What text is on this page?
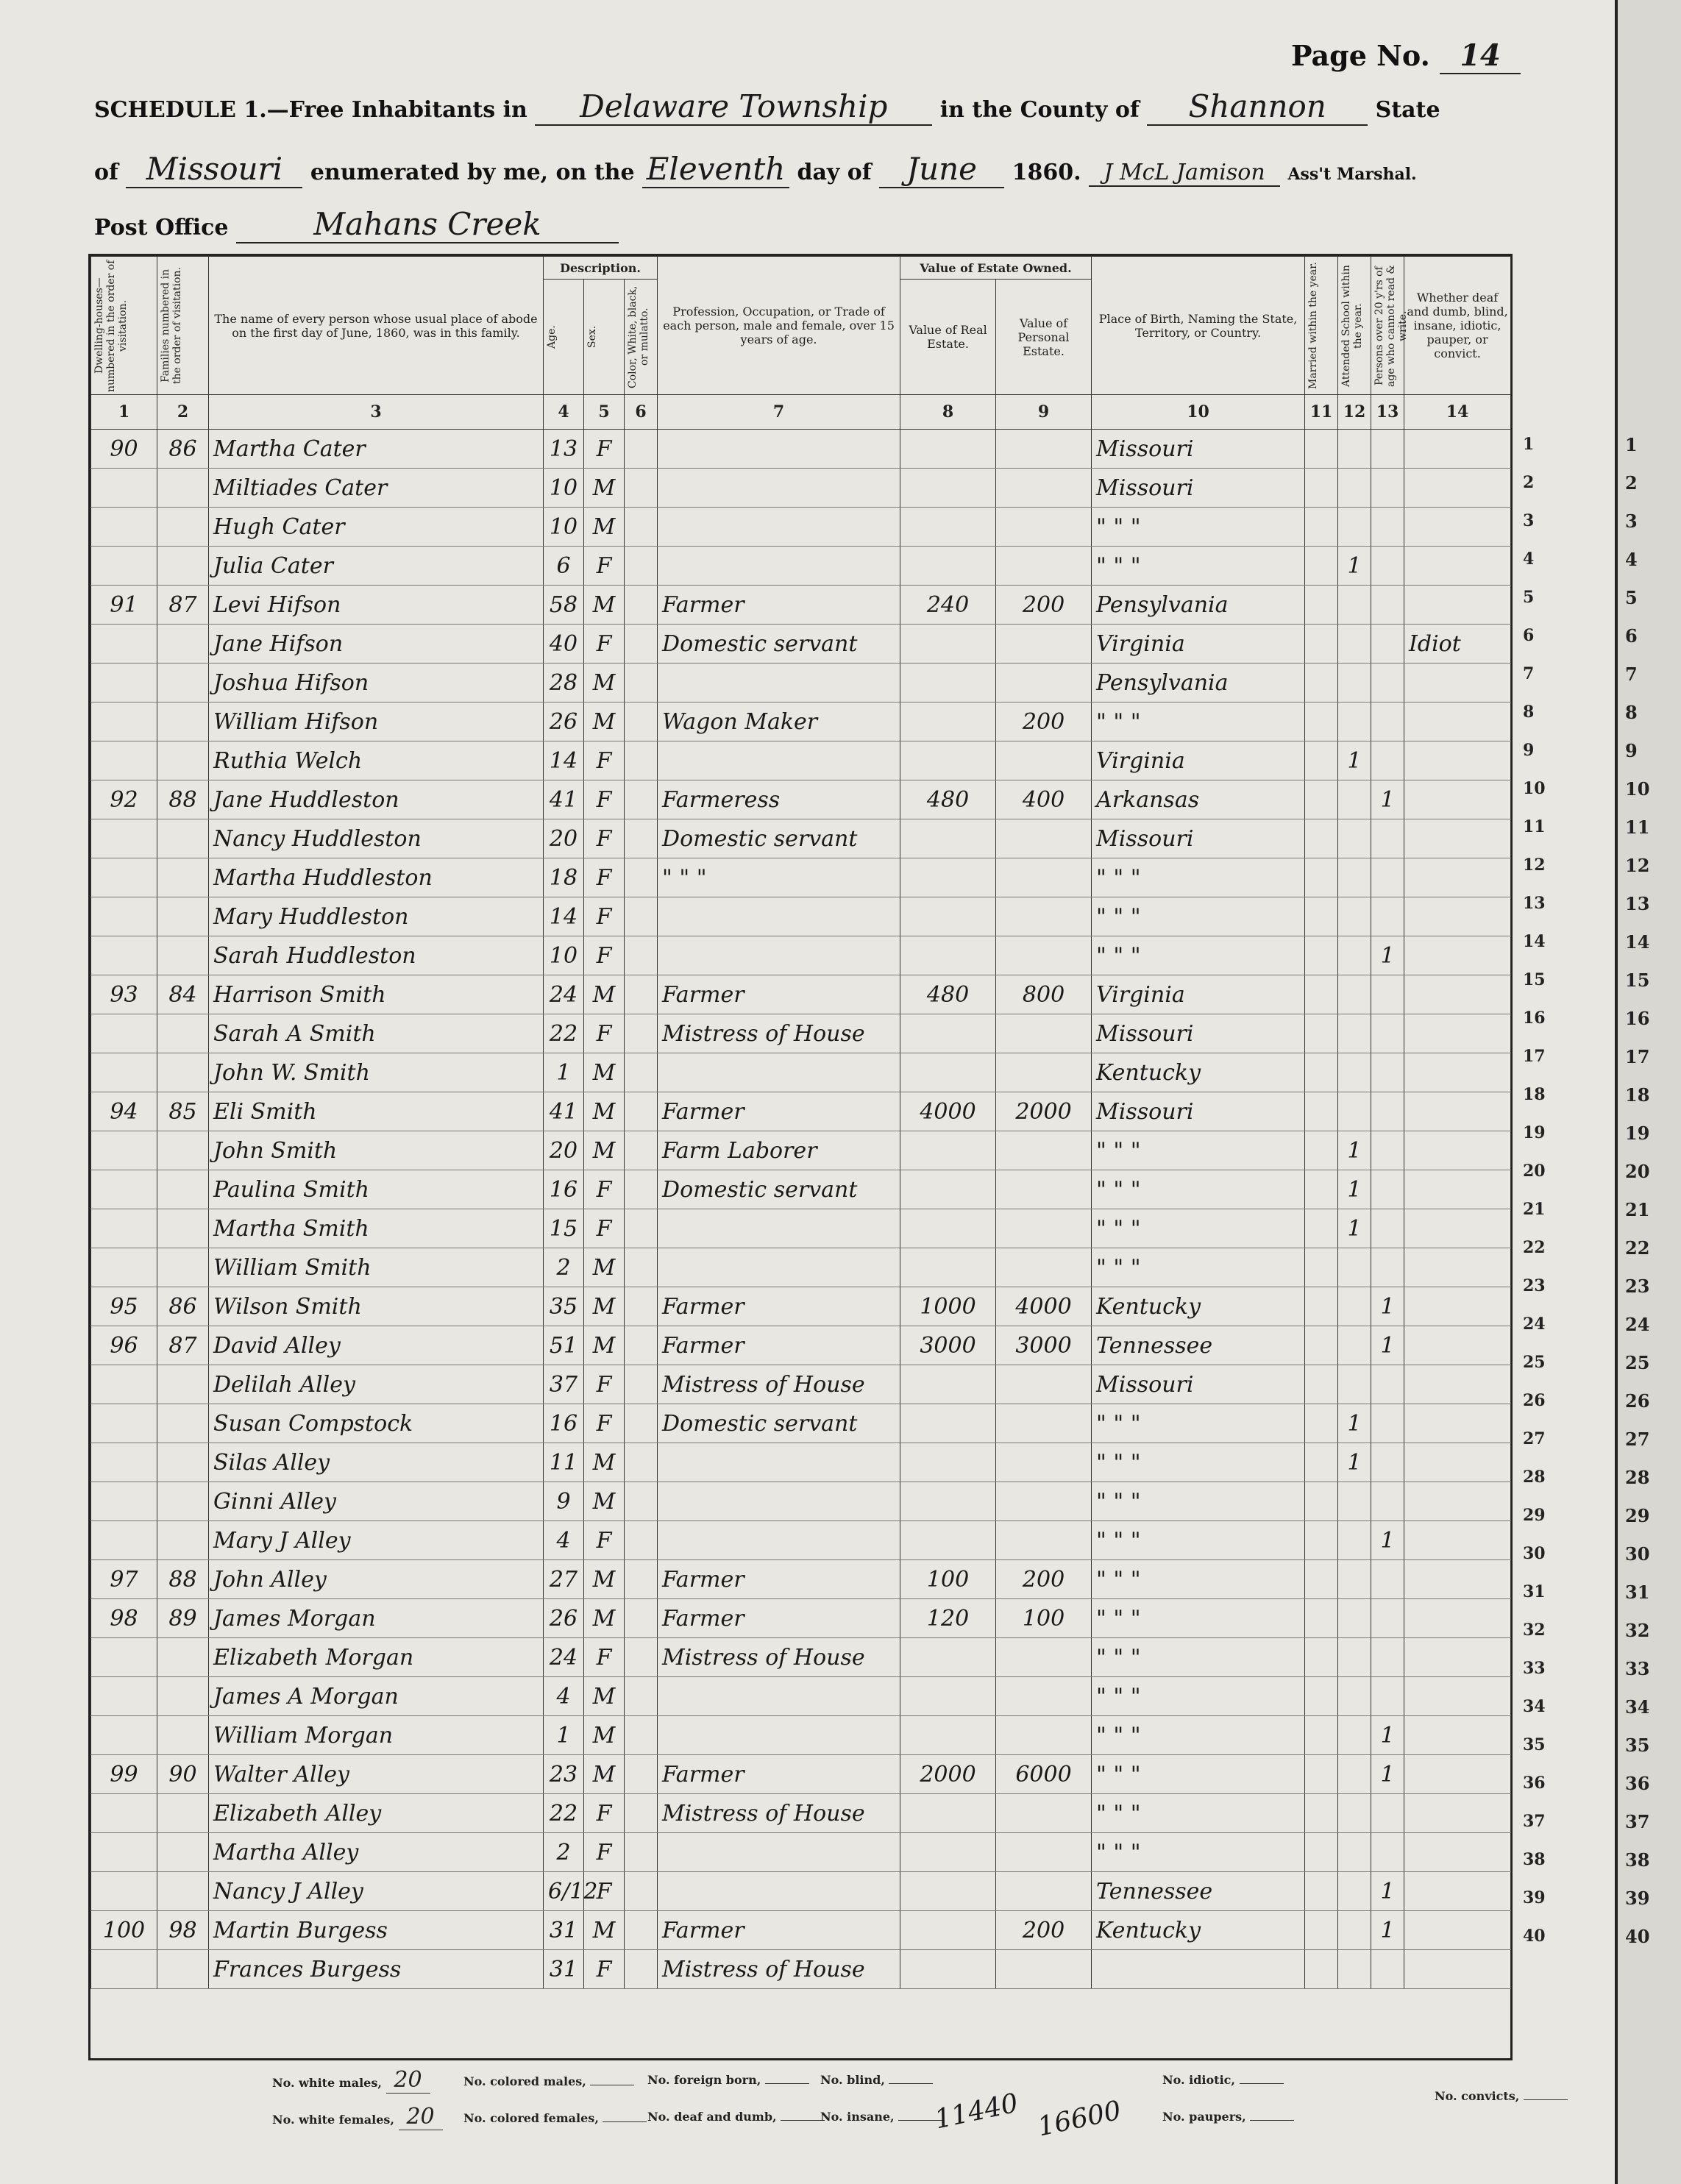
Page No. 14
SCHEDULE 1.—Free Inhabitants in Delaware Township in the County of Shannon State
of Missouri enumerated by me, on the Eleventh day of June 1860. J McL Jamison Ass't Marshal.
Post Office	Mahans Creek
Dwelling-houses— numbered in the order of visitation.	Families numbered in the order of visitation.	The name of every person whose usual place of abode on the first day of June, 1860, was in this family.	Description.			Profession, Occupation, or Trade of each person, male and female, over 15 years of age.	Value of Estate Owned.		Place of Birth, Naming the State, Territory, or Country.	Married within the year.	Attended School within the year.	Persons over 20 y'rs of age who cannot read & write.	Whether deaf and dumb, blind, insane, idiotic, pauper, or convict.

			Age.	Sex.	Color, White, black, or mulatto.		Value of Real Estate.	Value of Personal Estate.					
1	2	3	4	5	6	7	8	9	10	11	12	13	14
90	86	Martha Cater	13	F					Missouri				
		Miltiades Cater	10	M					Missouri				
		Hugh Cater	10	M					" " "				
		Julia Cater	6	F					" " "		1		
91	87	Levi Hifson	58	M		Farmer	240	200	Pensylvania				
		Jane Hifson	40	F		Domestic servant			Virginia				Idiot
		Joshua Hifson	28	M					Pensylvania				
		William Hifson	26	M		Wagon Maker		200	" " "				
		Ruthia Welch	14	F					Virginia		1		
92	88	Jane Huddleston	41	F		Farmeress	480	400	Arkansas			1	
		Nancy Huddleston	20	F		Domestic servant			Missouri				
		Martha Huddleston	18	F		" " "			" " "				
		Mary Huddleston	14	F					" " "				
		Sarah Huddleston	10	F					" " "			1	
93	84	Harrison Smith	24	M		Farmer	480	800	Virginia				
		Sarah A Smith	22	F		Mistress of House			Missouri				
		John W. Smith	1	M					Kentucky				
94	85	Eli Smith	41	M		Farmer	4000	2000	Missouri				
		John Smith	20	M		Farm Laborer			" " "		1		
		Paulina Smith	16	F		Domestic servant			" " "		1		
		Martha Smith	15	F					" " "		1		
		William Smith	2	M					" " "				
95	86	Wilson Smith	35	M		Farmer	1000	4000	Kentucky			1	
96	87	David Alley	51	M		Farmer	3000	3000	Tennessee			1	
		Delilah Alley	37	F		Mistress of House			Missouri				
		Susan Compstock	16	F		Domestic servant			" " "		1		
		Silas Alley	11	M					" " "		1		
		Ginni Alley	9	M					" " "				
		Mary J Alley	4	F					" " "			1	
97	88	John Alley	27	M		Farmer	100	200	" " "				
98	89	James Morgan	26	M		Farmer	120	100	" " "				
		Elizabeth Morgan	24	F		Mistress of House			" " "				
		James A Morgan	4	M					" " "				
		William Morgan	1	M					" " "			1	
99	90	Walter Alley	23	M		Farmer	2000	6000	" " "			1	
		Elizabeth Alley	22	F		Mistress of House			" " "				
		Martha Alley	2	F					" " "				
		Nancy J Alley	6/12	F					Tennessee			1	
100	98	Martin Burgess	31	M		Farmer		200	Kentucky			1	
		Frances Burgess	31	F		Mistress of House							
1
2
3
4
5
6
7
8
9
10
11
12
13
14
15
16
17
18
19
20
21
22
23
24
25
26
27
28
29
30
31
32
33
34
35
36
37
38
39
40
No. white males, 20
No. white females, 20
No. colored males,
No. colored females,
No. foreign born,
No. deaf and dumb,
No. blind,
No. insane,
No. idiotic,
No. paupers,
No. convicts,
11440 16600
1
2
3
4
5
6
7
8
9
10
11
12
13
14
15
16
17
18
19
20
21
22
23
24
25
26
27
28
29
30
31
32
33
34
35
36
37
38
39
40
